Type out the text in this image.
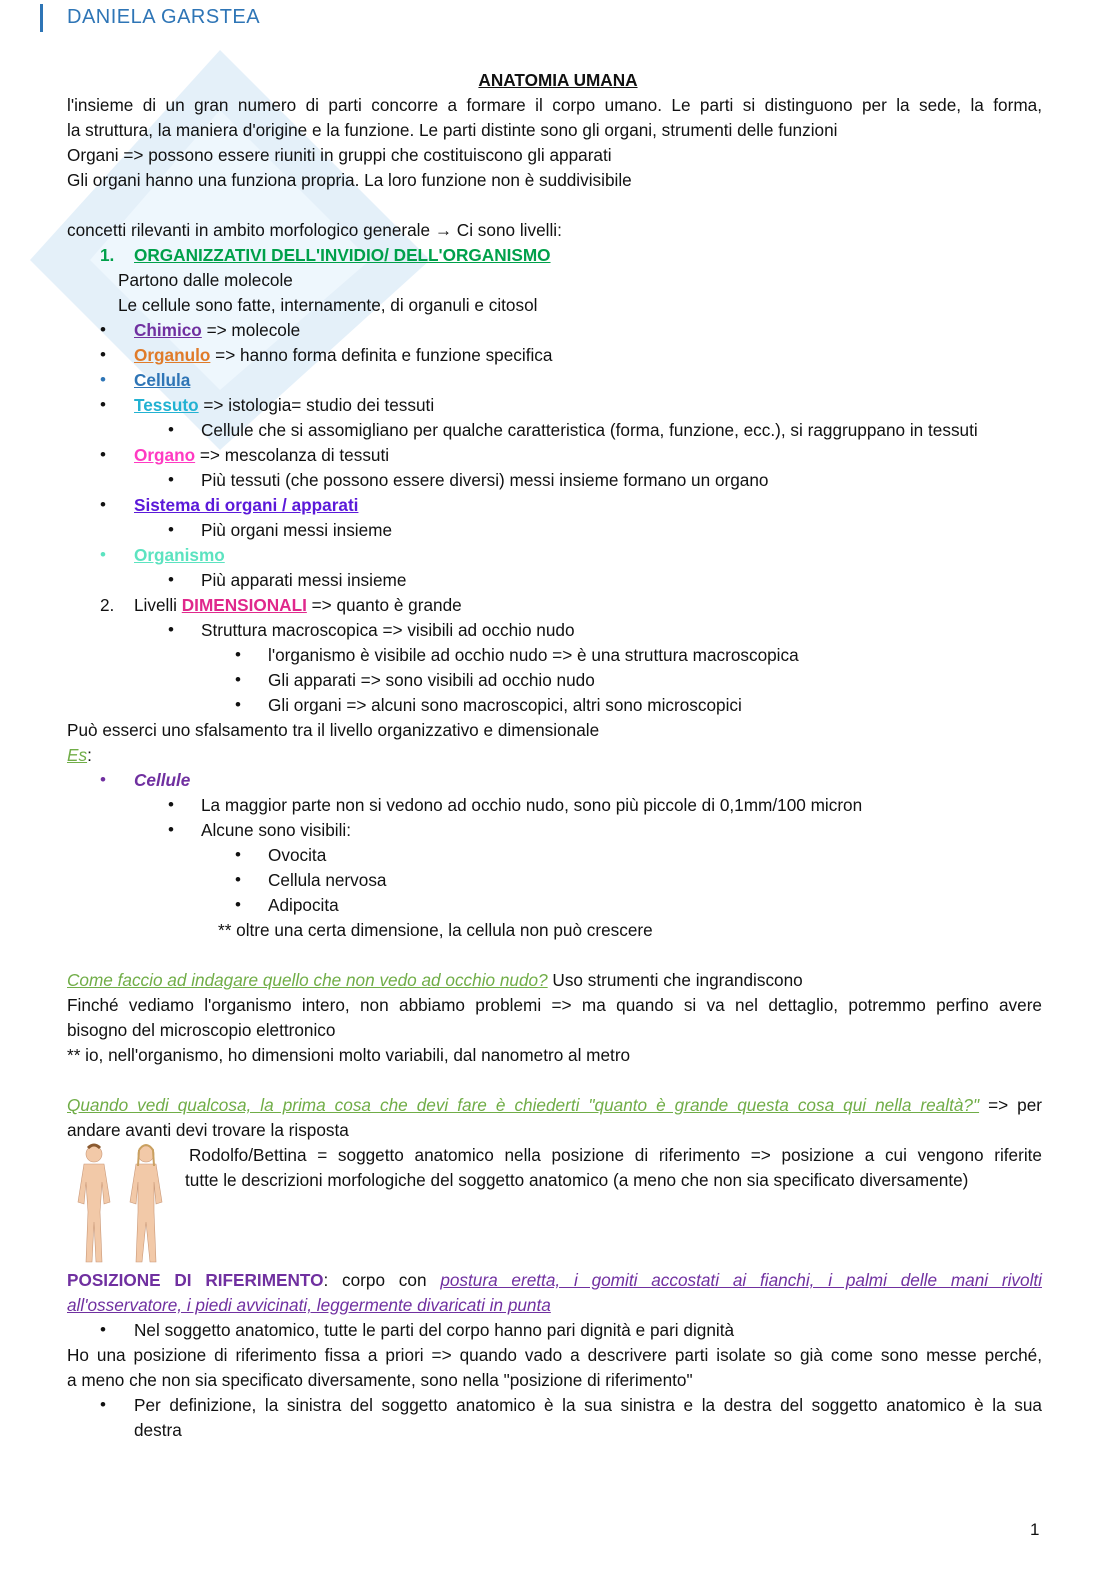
DANIELA GARSTEA
ANATOMIA UMANA
l'insieme di un gran numero di parti concorre a formare il corpo umano. Le parti si distinguono per la sede, la forma,
la struttura, la maniera d'origine e la funzione. Le parti distinte sono gli organi, strumenti delle funzioni
Organi => possono essere riuniti in gruppi che costituiscono gli apparati
Gli organi hanno una funziona propria. La loro funzione non è suddivisibile
concetti rilevanti in ambito morfologico generale → Ci sono livelli:
1. ORGANIZZATIVI DELL'INVIDIO/ DELL'ORGANISMO
Partono dalle molecole
Le cellule sono fatte, internamente, di organuli e citosol
• Chimico => molecole
• Organulo => hanno forma definita e funzione specifica
• Cellula
• Tessuto => istologia= studio dei tessuti
• Cellule che si assomigliano per qualche caratteristica (forma, funzione, ecc.), si raggruppano in tessuti
• Organo => mescolanza di tessuti
• Più tessuti (che possono essere diversi) messi insieme formano un organo
• Sistema di organi / apparati
• Più organi messi insieme
• Organismo
• Più apparati messi insieme
2. Livelli DIMENSIONALI => quanto è grande
• Struttura macroscopica => visibili ad occhio nudo
• l'organismo è visibile ad occhio nudo => è una struttura macroscopica
• Gli apparati => sono visibili ad occhio nudo
• Gli organi => alcuni sono macroscopici, altri sono microscopici
Può esserci uno sfalsamento tra il livello organizzativo e dimensionale
Es:
• Cellule
• La maggior parte non si vedono ad occhio nudo, sono più piccole di 0,1mm/100 micron
• Alcune sono visibili:
• Ovocita
• Cellula nervosa
• Adipocita
** oltre una certa dimensione, la cellula non può crescere
Come faccio ad indagare quello che non vedo ad occhio nudo? Uso strumenti che ingrandiscono
Finché vediamo l'organismo intero, non abbiamo problemi => ma quando si va nel dettaglio, potremmo perfino avere
bisogno del microscopio elettronico
** io, nell'organismo, ho dimensioni molto variabili, dal nanometro al metro
Quando vedi qualcosa, la prima cosa che devi fare è chiederti "quanto è grande questa cosa qui nella realtà?" => per
andare avanti devi trovare la risposta
Rodolfo/Bettina = soggetto anatomico nella posizione di riferimento => posizione a cui vengono riferite
tutte le descrizioni morfologiche del soggetto anatomico (a meno che non sia specificato diversamente)
POSIZIONE DI RIFERIMENTO: corpo con postura eretta, i gomiti accostati ai fianchi, i palmi delle mani rivolti
all'osservatore, i piedi avvicinati, leggermente divaricati in punta
• Nel soggetto anatomico, tutte le parti del corpo hanno pari dignità e pari dignità
Ho una posizione di riferimento fissa a priori => quando vado a descrivere parti isolate so già come sono messe perché,
a meno che non sia specificato diversamente, sono nella "posizione di riferimento"
• Per definizione, la sinistra del soggetto anatomico è la sua sinistra e la destra del soggetto anatomico è la sua
destra
1
